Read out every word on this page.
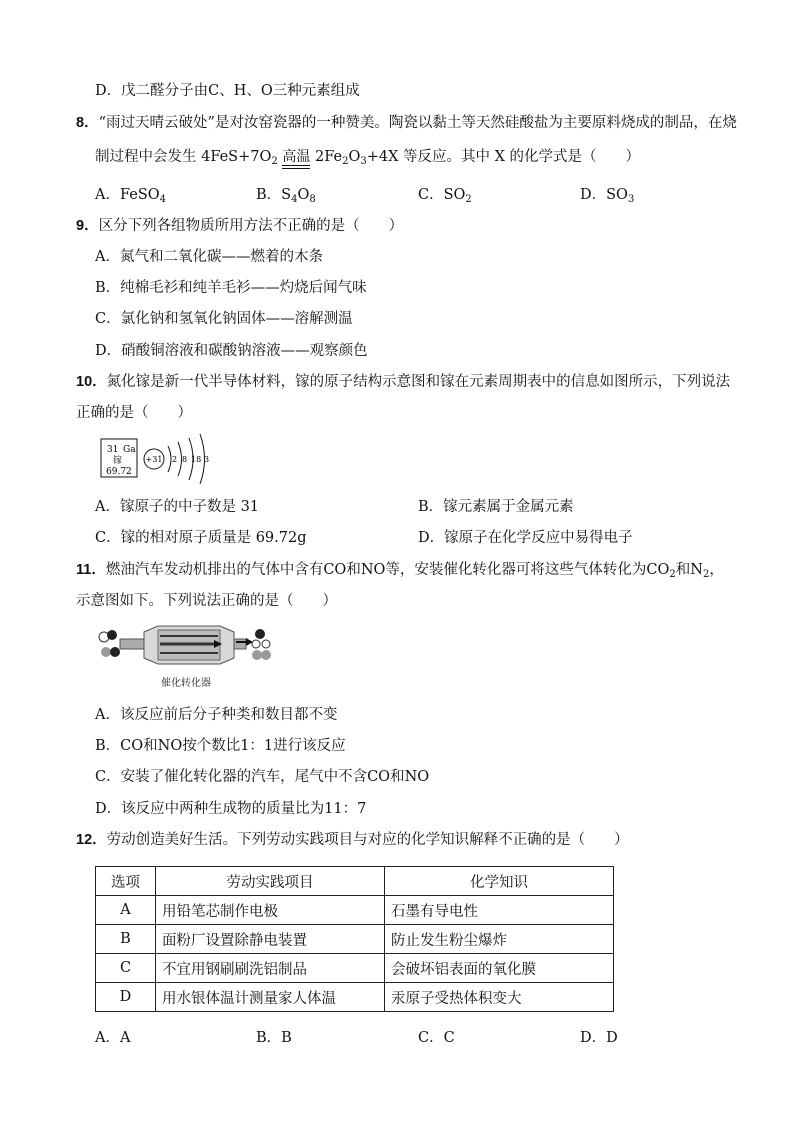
D．戊二醛分子由C、H、O三种元素组成
8．“雨过天晴云破处”是对汝窑瓷器的一种赞美。陶瓷以黏土等天然硅酸盐为主要原料烧成的制品，在烧
制过程中会发生 $4FeS+7O_2$ 高温 $2Fe_2O_3+4X$ 等反应。其中 X 的化学式是（　　）
A．FeSO$_4$	B．$S_4O_8$	C．$SO_2$	D．$SO_3$
9．区分下列各组物质所用方法不正确的是（　　）
A．氮气和二氧化碳——燃着的木条
B．纯棉毛衫和纯羊毛衫——灼烧后闻气味
C．氯化钠和氢氧化钠固体——溶解测温
D．硝酸铜溶液和碳酸钠溶液——观察颜色
10．氮化镓是新一代半导体材料，镓的原子结构示意图和镓在元素周期表中的信息如图所示，下列说法
正确的是（　　）
31 Ga
镓
69.72
+31 2 8 18 3
A．镓原子的中子数是 31	B．镓元素属于金属元素
C．镓的相对原子质量是 69.72g	D．镓原子在化学反应中易得电子
11．燃油汽车发动机排出的气体中含有CO和NO等，安装催化转化器可将这些气体转化为$CO_2$和$N_2$，
示意图如下。下列说法正确的是（　　）
催化转化器
A．该反应前后分子种类和数目都不变
B．CO和NO按个数比1：1进行该反应
C．安装了催化转化器的汽车，尾气中不含CO和NO
D．该反应中两种生成物的质量比为11：7
12．劳动创造美好生活。下列劳动实践项目与对应的化学知识解释不正确的是（　　）
选项	劳动实践项目	化学知识
A	用铅笔芯制作电极	石墨有导电性
B	面粉厂设置除静电装置	防止发生粉尘爆炸
C	不宜用钢刷刷洗铝制品	会破坏铝表面的氧化膜
D	用水银体温计测量家人体温	汞原子受热体积变大
A．A	B．B	C．C	D．D
